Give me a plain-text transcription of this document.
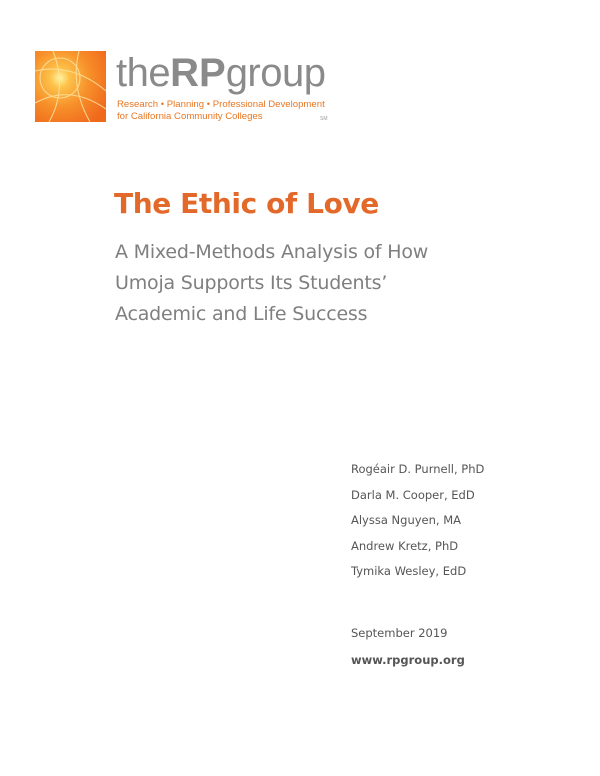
theRPgroup
Research • Planning • Professional Development
for California Community Colleges	SM
The Ethic of Love
A Mixed-Methods Analysis of How
Umoja Supports Its Students’
Academic and Life Success
Rogéair D. Purnell, PhD
Darla M. Cooper, EdD
Alyssa Nguyen, MA
Andrew Kretz, PhD
Tymika Wesley, EdD
September 2019
www.rpgroup.org
